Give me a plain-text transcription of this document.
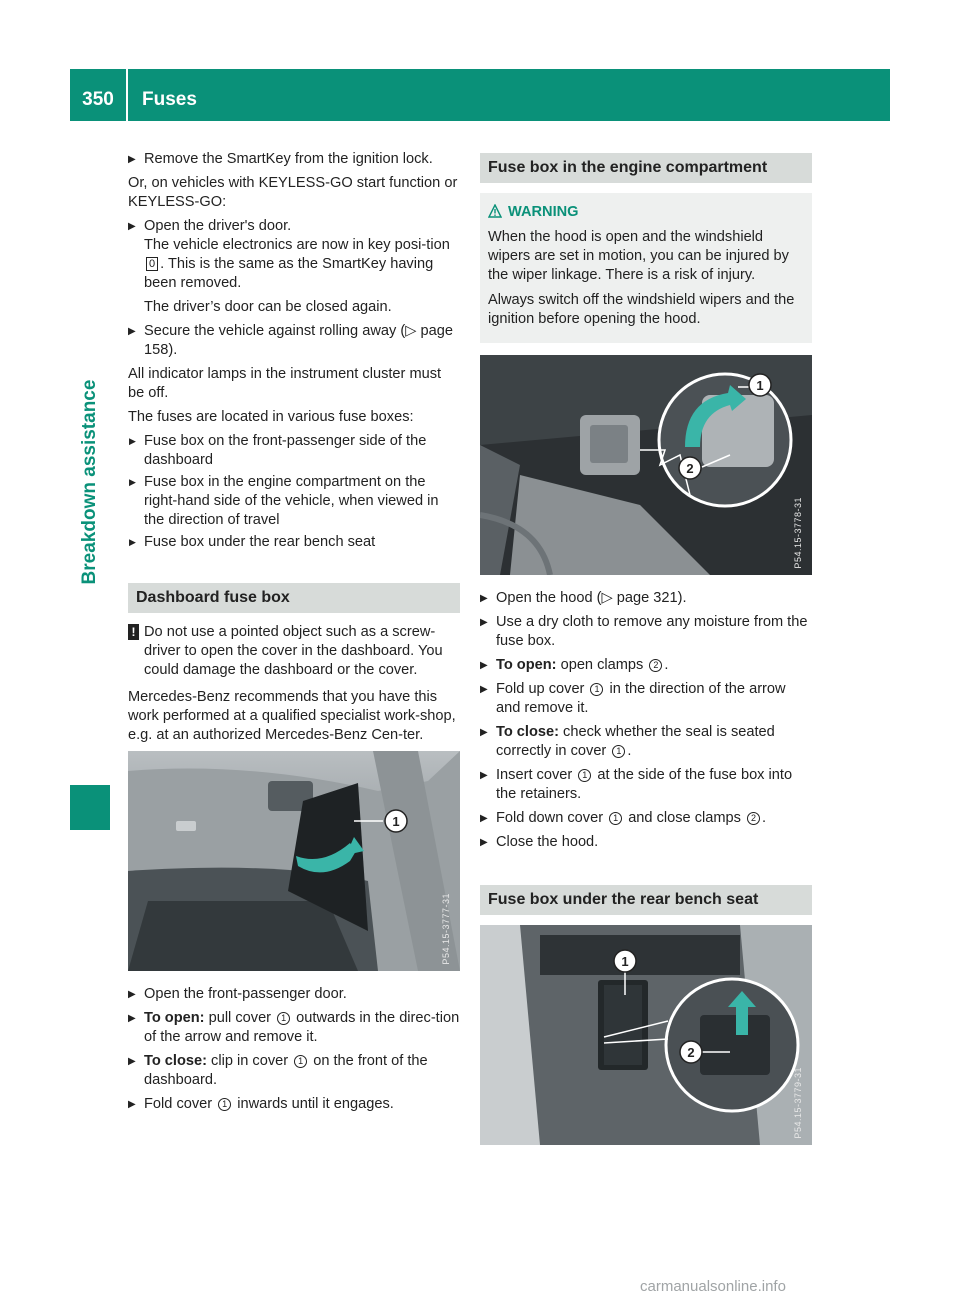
350	Fuses
Breakdown assistance
▶ Remove the SmartKey from the ignition lock.

Or, on vehicles with KEYLESS-GO start function or KEYLESS-GO:

▶ Open the driver's door.
The vehicle electronics are now in key posi-tion0 . This is the same as the SmartKey having been removed.
The driver’s door can be closed again.
▶ Secure the vehicle against rolling away (▷ page 158).

All indicator lamps in the instrument cluster must be off.

The fuses are located in various fuse boxes:

▶ Fuse box on the front-passenger side of the dashboard
▶ Fuse box in the engine compartment on the right-hand side of the vehicle, when viewed in the direction of travel
▶ Fuse box under the rear bench seat
Dashboard fuse box
! Do not use a pointed object such as a screw-driver to open the cover in the dashboard. You could damage the dashboard or the cover.

Mercedes-Benz recommends that you have this work performed at a qualified specialist work-shop, e.g. at an authorized Mercedes-Benz Cen-ter.

1
P54.15-3777-31
▶ Open the front-passenger door.
▶ To open: pull cover 1 outwards in the direc-tion of the arrow and remove it.
▶ To close: clip in cover 1 on the front of the dashboard.
▶ Fold cover 1 inwards until it engages.
Fuse box in the engine compartment
WARNING

When the hood is open and the windshield wipers are set in motion, you can be injured by the wiper linkage. There is a risk of injury.

Always switch off the windshield wipers and the ignition before opening the hood.

1
2
P54.15-3778-31
▶ Open the hood (▷ page 321).
▶ Use a dry cloth to remove any moisture from the fuse box.
▶ To open: open clamps 2 .
▶ Fold up cover 1 in the direction of the arrow and remove it.
▶ To close: check whether the seal is seated correctly in cover 1 .
▶ Insert cover 1 at the side of the fuse box into the retainers.
▶ Fold down cover 1 and close clamps 2 .
▶ Close the hood.
Fuse box under the rear bench seat
1
2
P54.15-3779-31
carmanualsonline.info
